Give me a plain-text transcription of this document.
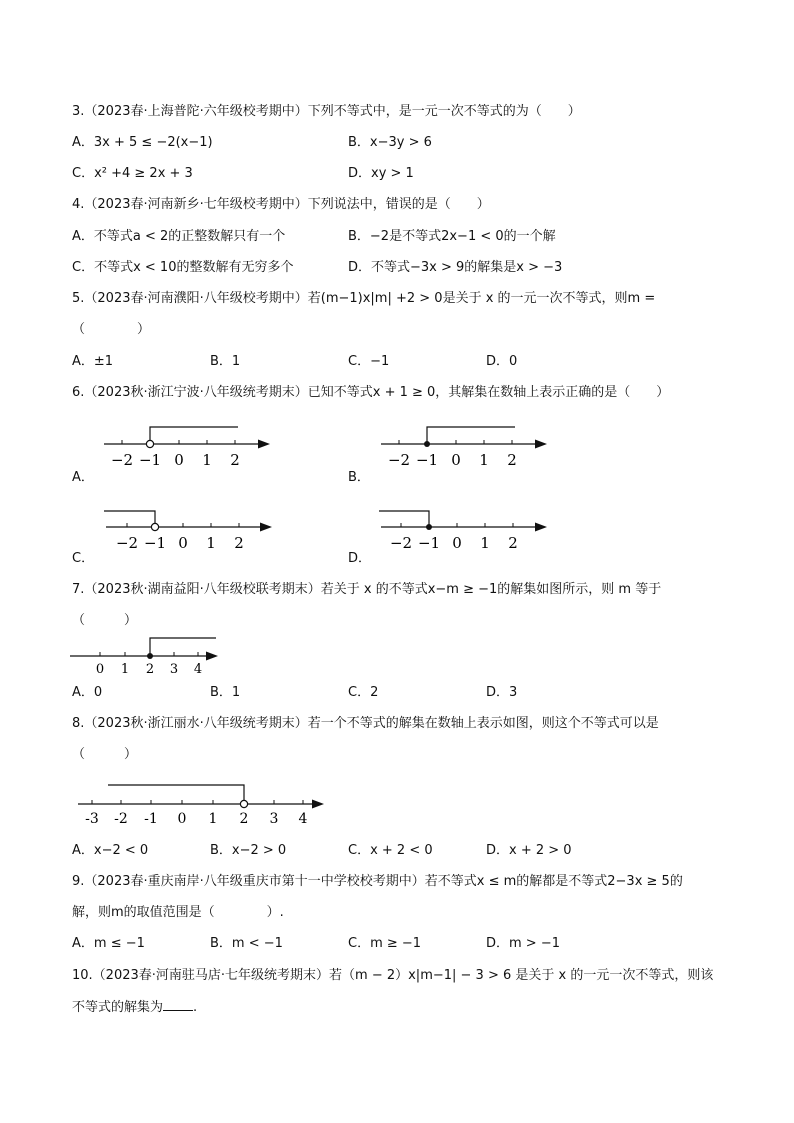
3.（2023春·上海普陀·六年级校考期中）下列不等式中，是一元一次不等式的为（　　）
A．3x + 5 ≤ −2(x−1)	B．x−3y > 6
C．x² +4 ≥ 2x + 3	D．xy > 1
4.（2023春·河南新乡·七年级校考期中）下列说法中，错误的是（　　）
A．不等式a < 2的正整数解只有一个	B．−2是不等式2x−1 < 0的一个解
C．不等式x < 10的整数解有无穷多个	D．不等式−3x > 9的解集是x > −3
5.（2023春·河南濮阳·八年级校考期中）若(m−1)x|m| +2 > 0是关于 x 的一元一次不等式，则m =
（　　　　）
A．±1	B．1	C．−1	D．0
6.（2023秋·浙江宁波·八年级统考期末）已知不等式x + 1 ≥ 0，其解集在数轴上表示正确的是（　　）
−2 −1 0 1 2
A．
−2 −1 0 1 2
B．
−2 −1 0 1 2
C．
−2 −1 0 1 2
D．
7.（2023秋·湖南益阳·八年级校联考期末）若关于 x 的不等式x−m ≥ −1的解集如图所示，则 m 等于
（　　　）
0 1 2 3 4
A．0	B．1	C．2	D．3
8.（2023秋·浙江丽水·八年级统考期末）若一个不等式的解集在数轴上表示如图，则这个不等式可以是
（　　　）
-3 -2 -1 0 1 2 3 4
A．x−2 < 0	B．x−2 > 0	C．x + 2 < 0	D．x + 2 > 0
9.（2023春·重庆南岸·八年级重庆市第十一中学校校考期中）若不等式x ≤ m的解都是不等式2−3x ≥ 5的
解，则m的取值范围是（　　　　）.
A．m ≤ −1	B．m < −1	C．m ≥ −1	D．m > −1
10.（2023春·河南驻马店·七年级统考期末）若（m − 2）x|m−1| − 3 > 6 是关于 x 的一元一次不等式，则该
不等式的解集为 .
